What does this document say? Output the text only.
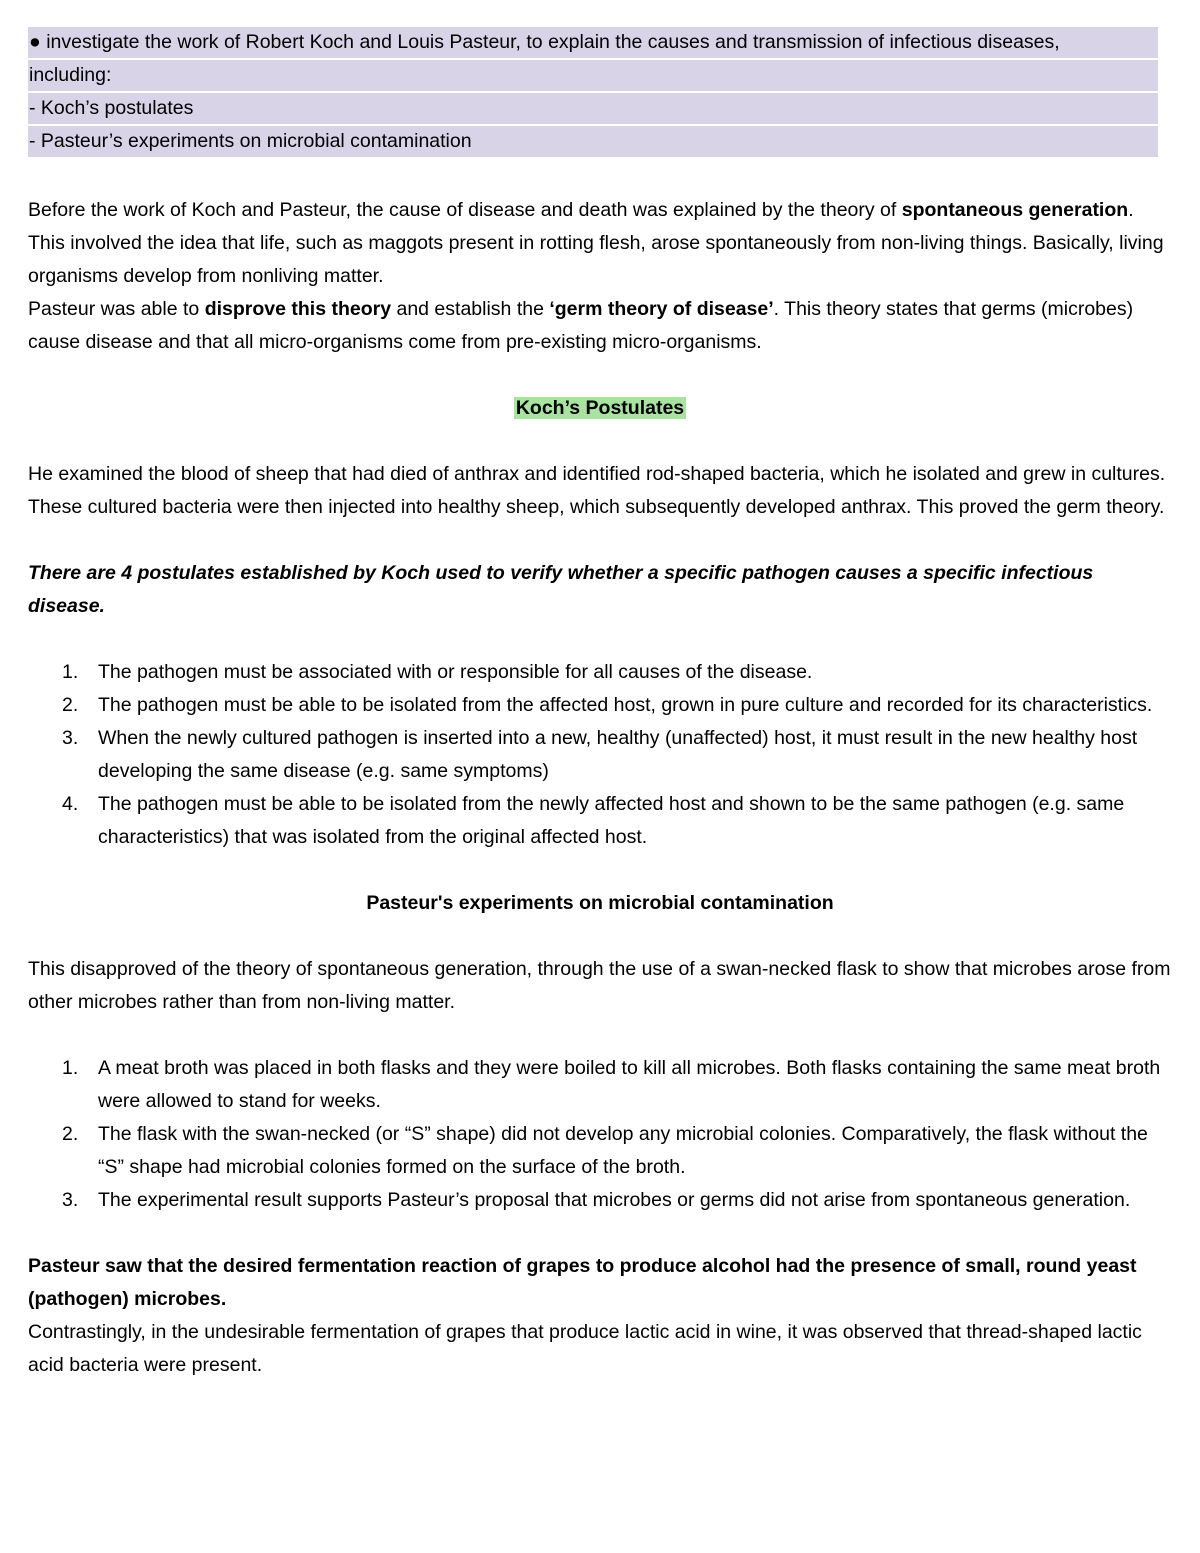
● investigate the work of Robert Koch and Louis Pasteur, to explain the causes and transmission of infectious diseases,
including:
- Koch’s postulates
- Pasteur’s experiments on microbial contamination

Before the work of Koch and Pasteur, the cause of disease and death was explained by the theory of spontaneous generation. This involved the idea that life, such as maggots present in rotting flesh, arose spontaneously from non-living things. Basically, living organisms develop from nonliving matter.

Pasteur was able to disprove this theory and establish the ‘germ theory of disease’. This theory states that germs (microbes) cause disease and that all micro-organisms come from pre-existing micro-organisms.

Koch’s Postulates

He examined the blood of sheep that had died of anthrax and identified rod-shaped bacteria, which he isolated and grew in cultures. These cultured bacteria were then injected into healthy sheep, which subsequently developed anthrax. This proved the germ theory.

There are 4 postulates established by Koch used to verify whether a specific pathogen causes a specific infectious disease.

1. The pathogen must be associated with or responsible for all causes of the disease.
2. The pathogen must be able to be isolated from the affected host, grown in pure culture and recorded for its characteristics.
3. When the newly cultured pathogen is inserted into a new, healthy (unaffected) host, it must result in the new healthy host developing the same disease (e.g. same symptoms)
4. The pathogen must be able to be isolated from the newly affected host and shown to be the same pathogen (e.g. same characteristics) that was isolated from the original affected host.

Pasteur's experiments on microbial contamination

This disapproved of the theory of spontaneous generation, through the use of a swan-necked flask to show that microbes arose from other microbes rather than from non-living matter.

1. A meat broth was placed in both flasks and they were boiled to kill all microbes. Both flasks containing the same meat broth were allowed to stand for weeks.
2. The flask with the swan-necked (or “S” shape) did not develop any microbial colonies. Comparatively, the flask without the “S” shape had microbial colonies formed on the surface of the broth.
3. The experimental result supports Pasteur’s proposal that microbes or germs did not arise from spontaneous generation.

Pasteur saw that the desired fermentation reaction of grapes to produce alcohol had the presence of small, round yeast (pathogen) microbes.

Contrastingly, in the undesirable fermentation of grapes that produce lactic acid in wine, it was observed that thread-shaped lactic acid bacteria were present.
